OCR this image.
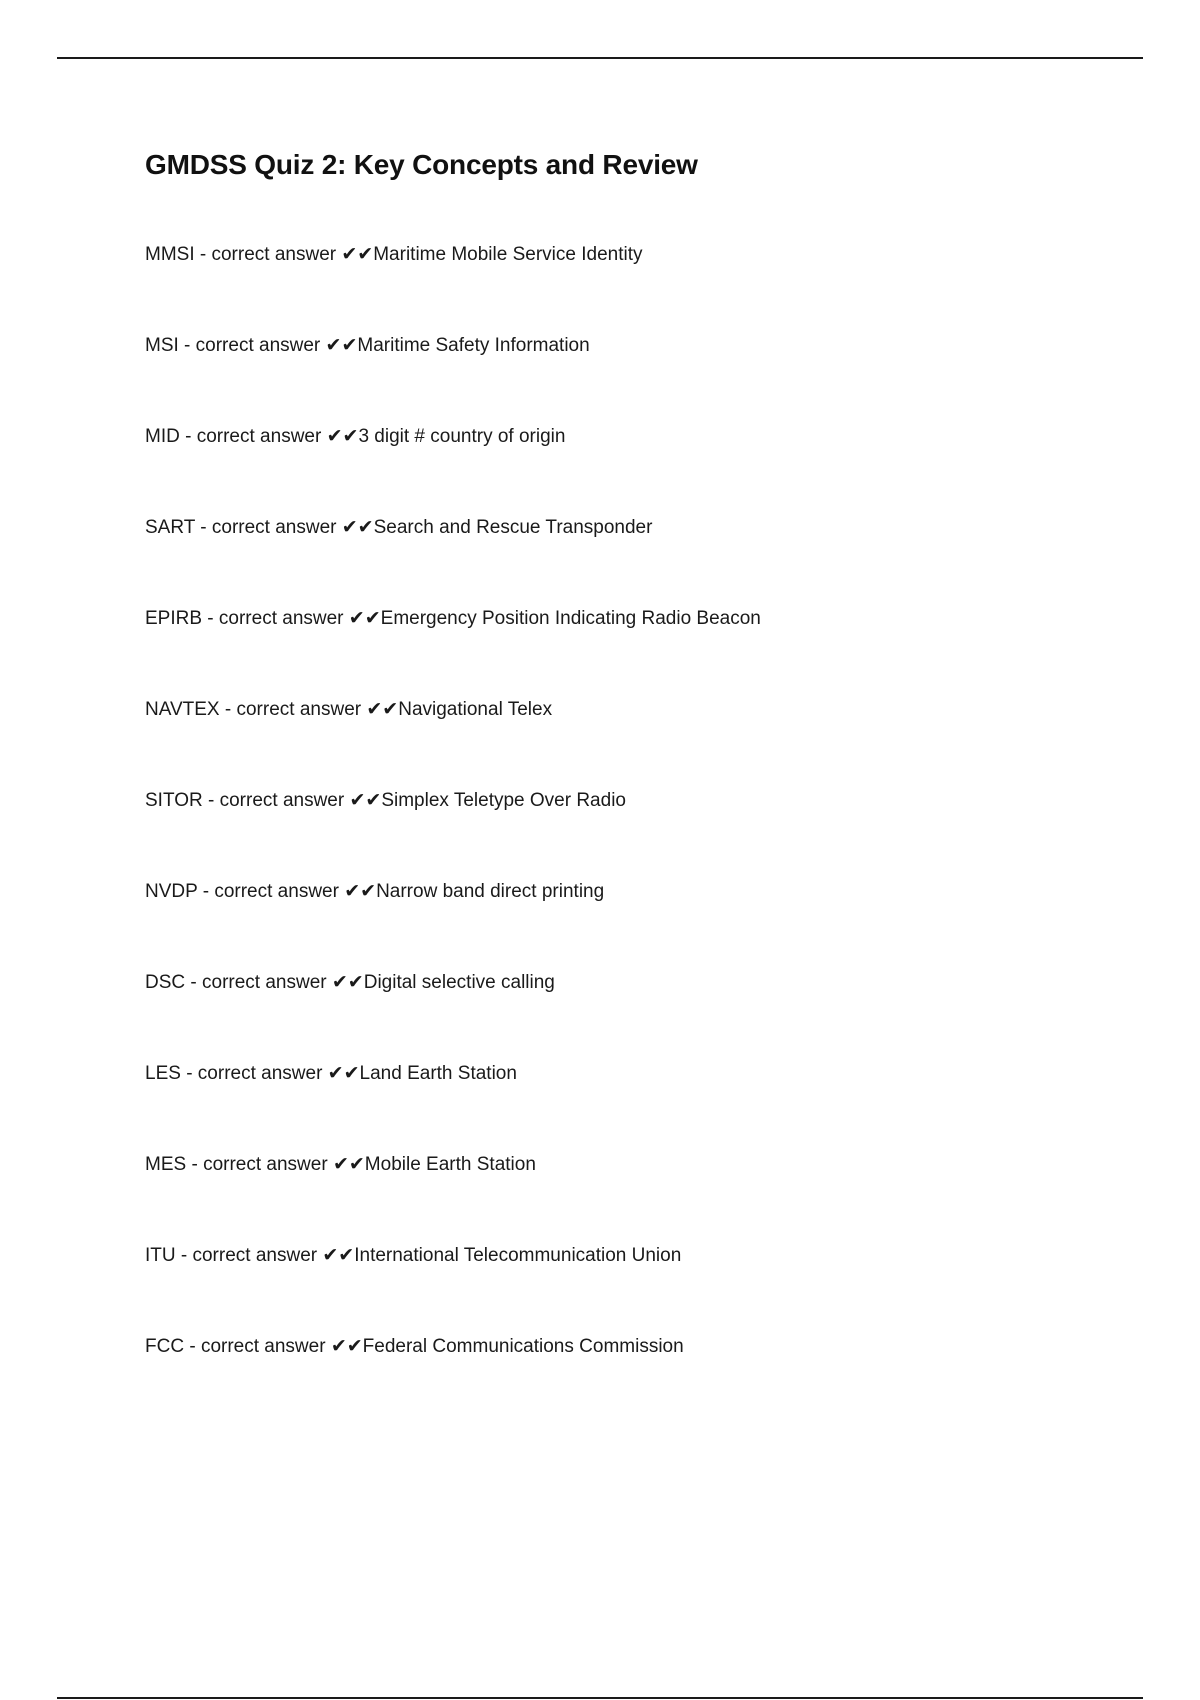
GMDSS Quiz 2: Key Concepts and Review
MMSI - correct answer ✔✔Maritime Mobile Service Identity
MSI - correct answer ✔✔Maritime Safety Information
MID - correct answer ✔✔3 digit # country of origin
SART - correct answer ✔✔Search and Rescue Transponder
EPIRB - correct answer ✔✔Emergency Position Indicating Radio Beacon
NAVTEX - correct answer ✔✔Navigational Telex
SITOR - correct answer ✔✔Simplex Teletype Over Radio
NVDP - correct answer ✔✔Narrow band direct printing
DSC - correct answer ✔✔Digital selective calling
LES - correct answer ✔✔Land Earth Station
MES - correct answer ✔✔Mobile Earth Station
ITU - correct answer ✔✔International Telecommunication Union
FCC - correct answer ✔✔Federal Communications Commission
